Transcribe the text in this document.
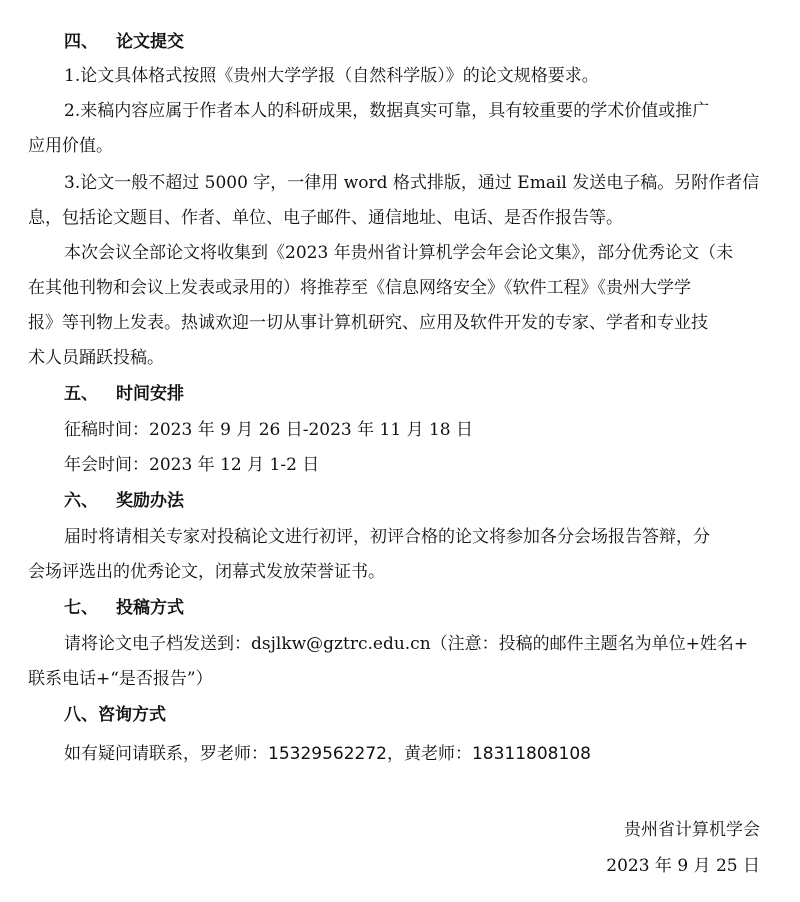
四、 论文提交
1.论文具体格式按照《贵州大学学报（自然科学版）》的论文规格要求。
2.来稿内容应属于作者本人的科研成果，数据真实可靠，具有较重要的学术价值或推广
应用价值。
3.论文一般不超过 5000 字，一律用 word 格式排版，通过 Email 发送电子稿。另附作者信
息，包括论文题目、作者、单位、电子邮件、通信地址、电话、是否作报告等。
本次会议全部论文将收集到《2023 年贵州省计算机学会年会论文集》，部分优秀论文（未
在其他刊物和会议上发表或录用的）将推荐至《信息网络安全》《软件工程》《贵州大学学
报》等刊物上发表。热诚欢迎一切从事计算机研究、应用及软件开发的专家、学者和专业技
术人员踊跃投稿。
五、 时间安排
征稿时间：2023 年 9 月 26 日-2023 年 11 月 18 日
年会时间：2023 年 12 月 1-2 日
六、 奖励办法
届时将请相关专家对投稿论文进行初评，初评合格的论文将参加各分会场报告答辩，分
会场评选出的优秀论文，闭幕式发放荣誉证书。
七、 投稿方式
请将论文电子档发送到：dsjlkw@gztrc.edu.cn（注意：投稿的邮件主题名为单位+姓名+
联系电话+“是否报告”）
八、咨询方式
如有疑问请联系，罗老师：15329562272，黄老师：18311808108
贵州省计算机学会
2023 年 9 月 25 日
